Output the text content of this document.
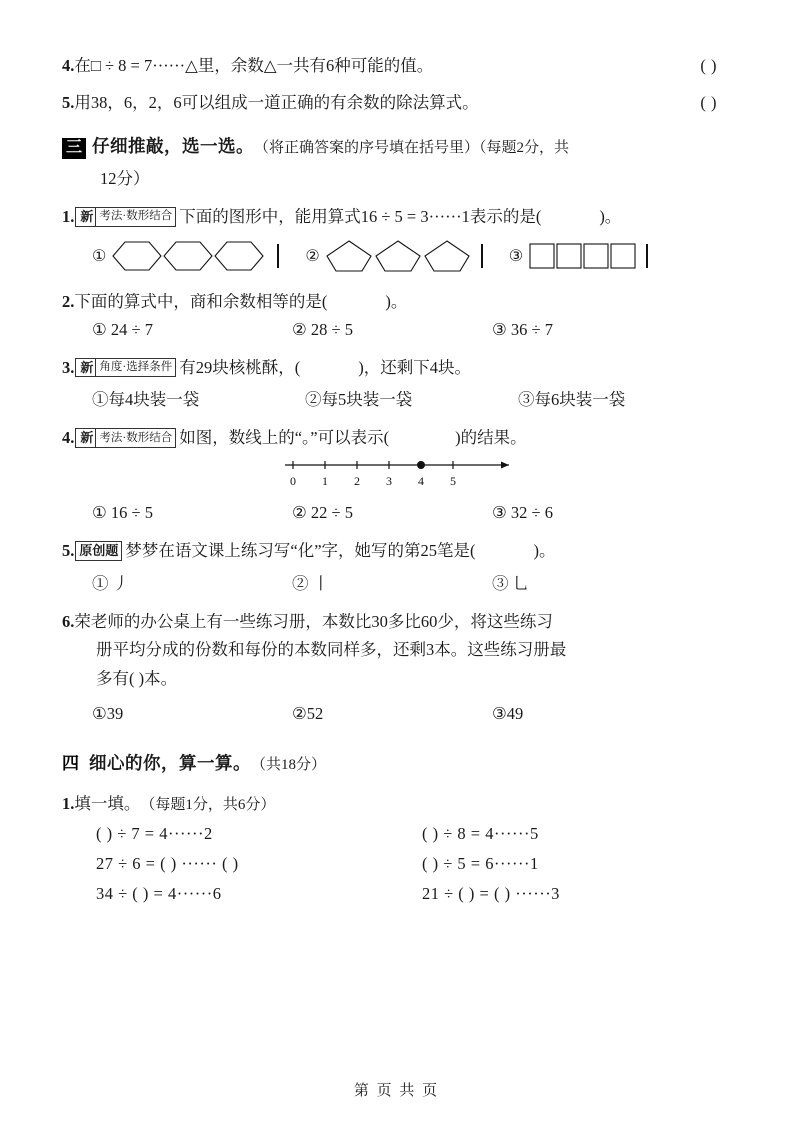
4.在□ ÷ 8 = 7······△里，余数△一共有6种可能的值。	( )
5.用38，6，2，6可以组成一道正确的有余数的除法算式。	( )
三 仔细推敲，选一选。 （将正确答案的序号填在括号里）（每题2分，共
12分）
1. 新 考法·数形结合 下面的图形中，能用算式16 ÷ 5 = 3······1表示的是(	)。
①	②	③
2. 下面的算式中，商和余数相等的是(	)。
① 24 ÷ 7	② 28 ÷ 5	③ 36 ÷ 7
3. 新 角度·选择条件 有29块核桃酥，(	)，还剩下4块。
①每4块装一袋	②每5块装一袋	③每6块装一袋
4. 新 考法·数形结合 如图，数线上的“。”可以表示(	)的结果。
0 1 2 3 4 5
① 16 ÷ 5	② 22 ÷ 5	③ 32 ÷ 6
5. 原创题 梦梦在语文课上练习写“化”字，她写的第25笔是(	)。
① 丿	② 丨	③ 乚
6.荣老师的办公桌上有一些练习册，本数比30多比60少，将这些练习
册平均分成的份数和每份的本数同样多，还剩3本。这些练习册最
多有( )本。
①39	②52	③49
四 细心的你，算一算。 （共18分）
1. 填一填。 （每题1分，共6分）
( ) ÷ 7 = 4······2	( ) ÷ 8 = 4······5
27 ÷ 6 = ( ) ······ ( )	( ) ÷ 5 = 6······1
34 ÷ ( ) = 4······6	21 ÷ ( ) = ( ) ······3
第 页 共 页
